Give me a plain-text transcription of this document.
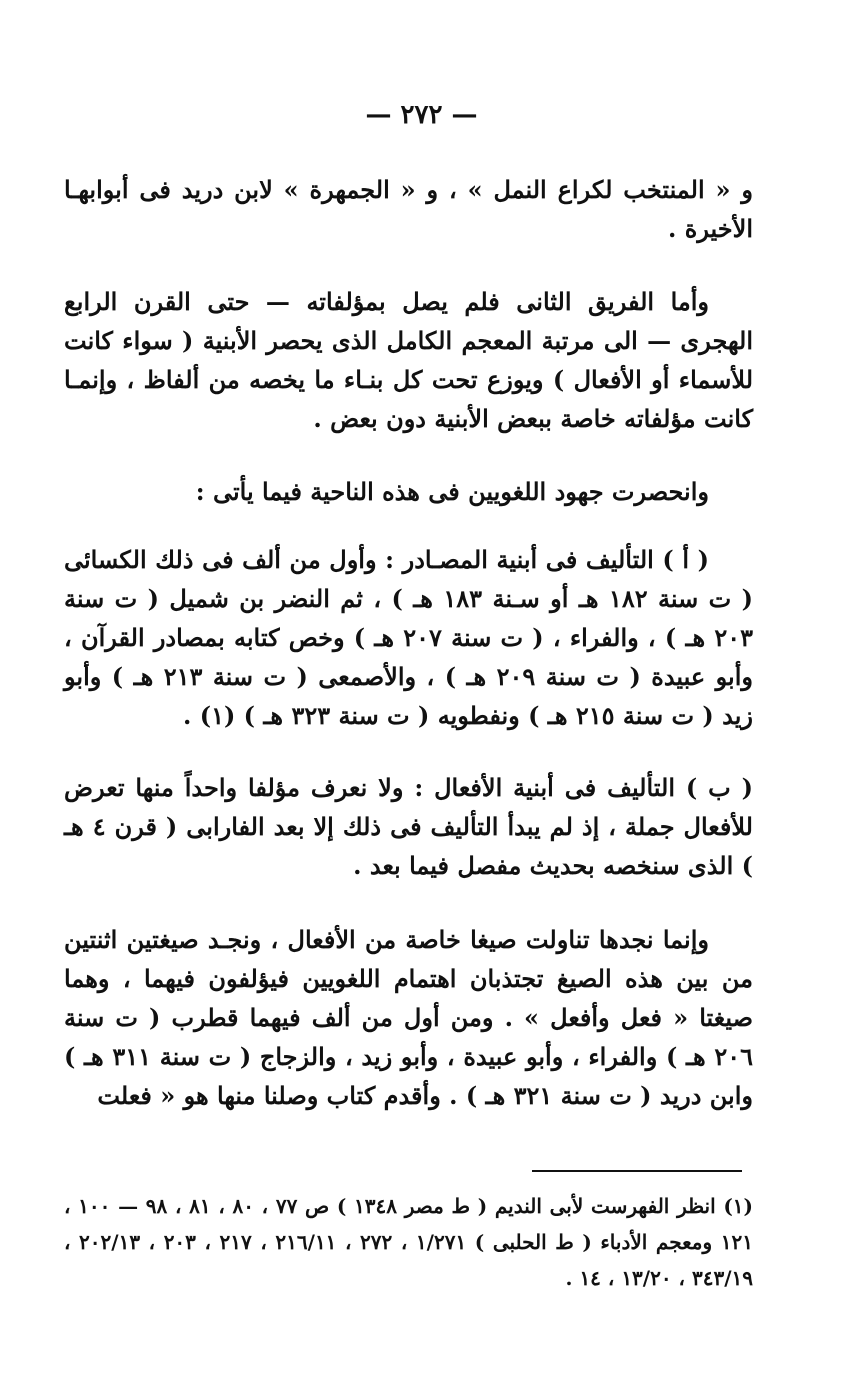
— ٢٧٢ —

و « المنتخب لكراع النمل » ، و « الجمهرة » لابن دريد فى أبوابهـا الأخيرة .

وأما الفريق الثانى فلم يصل بمؤلفاته — حتى القرن الرابع الهجرى — الى مرتبة المعجم الكامل الذى يحصر الأبنية ( سواء كانت للأسماء أو الأفعال ) ويوزع تحت كل بنـاء ما يخصه من ألفاظ ، وإنمـا كانت مؤلفاته خاصة ببعض الأبنية دون بعض .

وانحصرت جهود اللغويين فى هذه الناحية فيما يأتى :

( أ ) التأليف فى أبنية المصـادر : وأول من ألف فى ذلك الكسائى ( ت سنة ١٨٢ هـ أو سـنة ١٨٣ هـ ) ، ثم النضر بن شميل ( ت سنة ٢٠٣ هـ ) ، والفراء ، ( ت سنة ٢٠٧ هـ ) وخص كتابه بمصادر القرآن ، وأبو عبيدة ( ت سنة ٢٠٩ هـ ) ، والأصمعى ( ت سنة ٢١٣ هـ ) وأبو زيد ( ت سنة ٢١٥ هـ ) ونفطويه ( ت سنة ٣٢٣ هـ ) (١) .

( ب ) التأليف فى أبنية الأفعال : ولا نعرف مؤلفا واحداً منها تعرض للأفعال جملة ، إذ لم يبدأ التأليف فى ذلك إلا بعد الفارابى ( قرن ٤ هـ ) الذى سنخصه بحديث مفصل فيما بعد .

وإنما نجدها تناولت صيغا خاصة من الأفعال ، ونجـد صيغتين اثنتين من بين هذه الصيغ تجتذبان اهتمام اللغويين فيؤلفون فيهما ، وهما صيغتا « فعل وأفعل » . ومن أول من ألف فيهما قطرب ( ت سنة ٢٠٦ هـ ) والفراء ، وأبو عبيدة ، وأبو زيد ، والزجاج ( ت سنة ٣١١ هـ ) وابن دريد ( ت سنة ٣٢١ هـ ) . وأقدم كتاب وصلنا منها هو « فعلت

(١) انظر الفهرست لأبى النديم ( ط مصر ١٣٤٨ ) ص ٧٧ ، ٨٠ ، ٨١ ، ٩٨ — ١٠٠ ، ١٢١ ومعجم الأدباء ( ط الحلبى ) ١/٢٧١ ، ٢٧٢ ، ٢١٦/١١ ، ٢١٧ ، ٢٠٣ ، ٢٠٢/١٣ ، ٣٤٣/١٩ ، ١٣/٢٠ ، ١٤ .
